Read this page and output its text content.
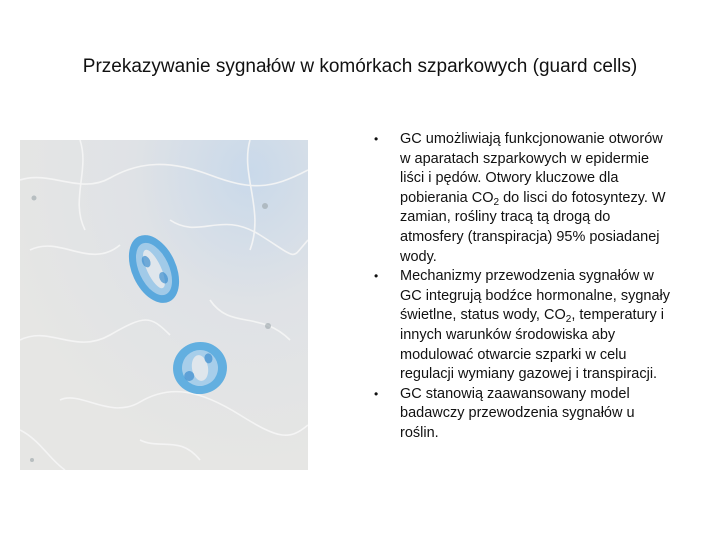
Przekazywanie sygnałów w komórkach szparkowych (guard cells)
• GC umożliwiają funkcjonowanie otworów w aparatach szparkowych w epidermie liści i pędów. Otwory kluczowe dla pobierania $CO_2$ do lisci do fotosyntezy. W zamian, rośliny tracą tą drogą do atmosfery (transpiracja) 95% posiadanej wody.
• Mechanizmy przewodzenia sygnałów w GC integrują bodźce hormonalne, sygnały świetlne, status wody, $CO_2$, temperatury i innych warunków środowiska aby modulować otwarcie szparki w celu regulacji wymiany gazowej i transpiracji.
• GC stanowią zaawansowany model badawczy przewodzenia sygnałów u roślin.
